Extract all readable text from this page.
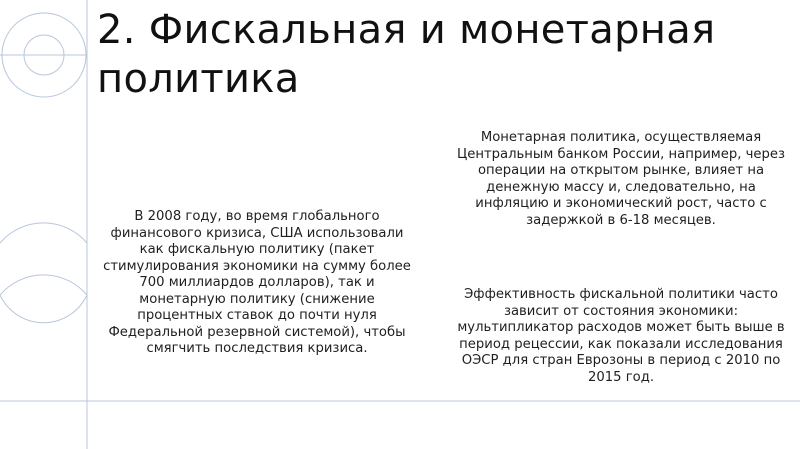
2. Фискальная и монетарная политика

В 2008 году, во время глобального финансового кризиса, США использовали как фискальную политику (пакет стимулирования экономики на сумму более 700 миллиардов долларов), так и монетарную политику (снижение процентных ставок до почти нуля Федеральной резервной системой), чтобы смягчить последствия кризиса.

Монетарная политика, осуществляемая Центральным банком России, например, через операции на открытом рынке, влияет на денежную массу и, следовательно, на инфляцию и экономический рост, часто с задержкой в 6-18 месяцев.

Эффективность фискальной политики часто зависит от состояния экономики: мультипликатор расходов может быть выше в период рецессии, как показали исследования ОЭСР для стран Еврозоны в период с 2010 по 2015 год.
